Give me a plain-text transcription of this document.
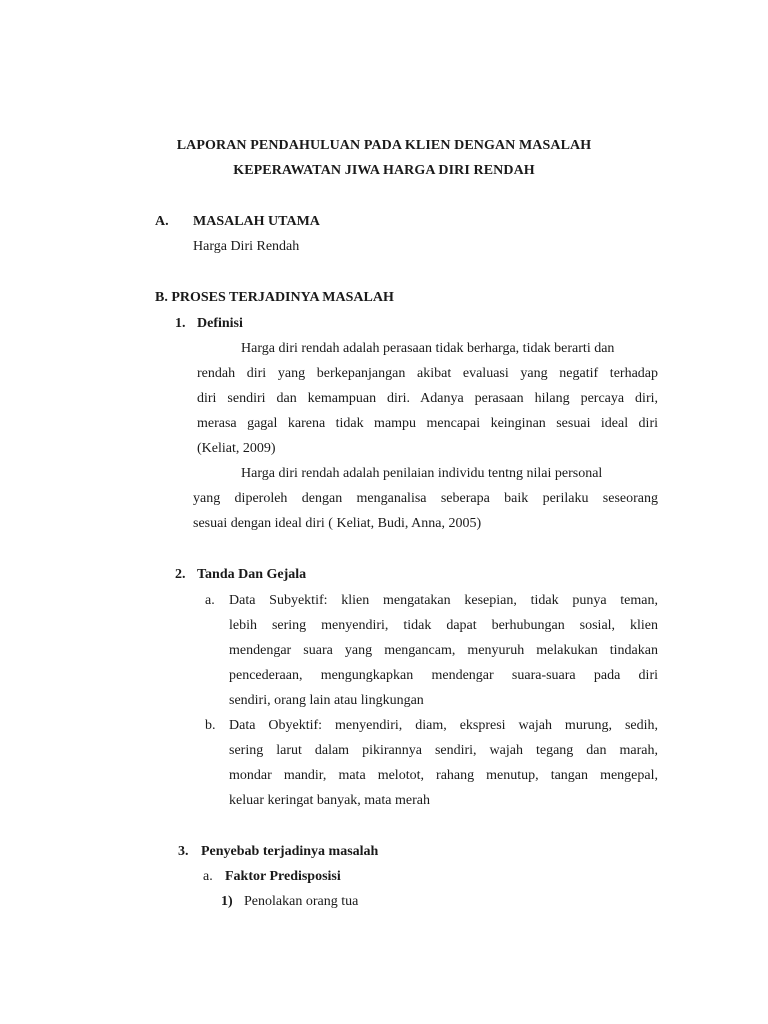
LAPORAN PENDAHULUAN PADA KLIEN DENGAN MASALAH
KEPERAWATAN JIWA HARGA DIRI RENDAH
A. MASALAH UTAMA
Harga Diri Rendah
B. PROSES TERJADINYA MASALAH
1. Definisi
Harga diri rendah adalah perasaan tidak berharga, tidak berarti dan
rendah diri yang berkepanjangan akibat evaluasi yang negatif terhadap
diri sendiri dan kemampuan diri. Adanya perasaan hilang percaya diri,
merasa gagal karena tidak mampu mencapai keinginan sesuai ideal diri
(Keliat, 2009)
Harga diri rendah adalah penilaian individu tentng nilai personal
yang diperoleh dengan menganalisa seberapa baik perilaku seseorang
sesuai dengan ideal diri ( Keliat, Budi, Anna, 2005)
2. Tanda Dan Gejala
a. Data Subyektif: klien mengatakan kesepian, tidak punya teman,
lebih sering menyendiri, tidak dapat berhubungan sosial, klien
mendengar suara yang mengancam, menyuruh melakukan tindakan
pencederaan, mengungkapkan mendengar suara-suara pada diri
sendiri, orang lain atau lingkungan
b. Data Obyektif: menyendiri, diam, ekspresi wajah murung, sedih,
sering larut dalam pikirannya sendiri, wajah tegang dan marah,
mondar mandir, mata melotot, rahang menutup, tangan mengepal,
keluar keringat banyak, mata merah
3. Penyebab terjadinya masalah
a. Faktor Predisposisi
1) Penolakan orang tua
